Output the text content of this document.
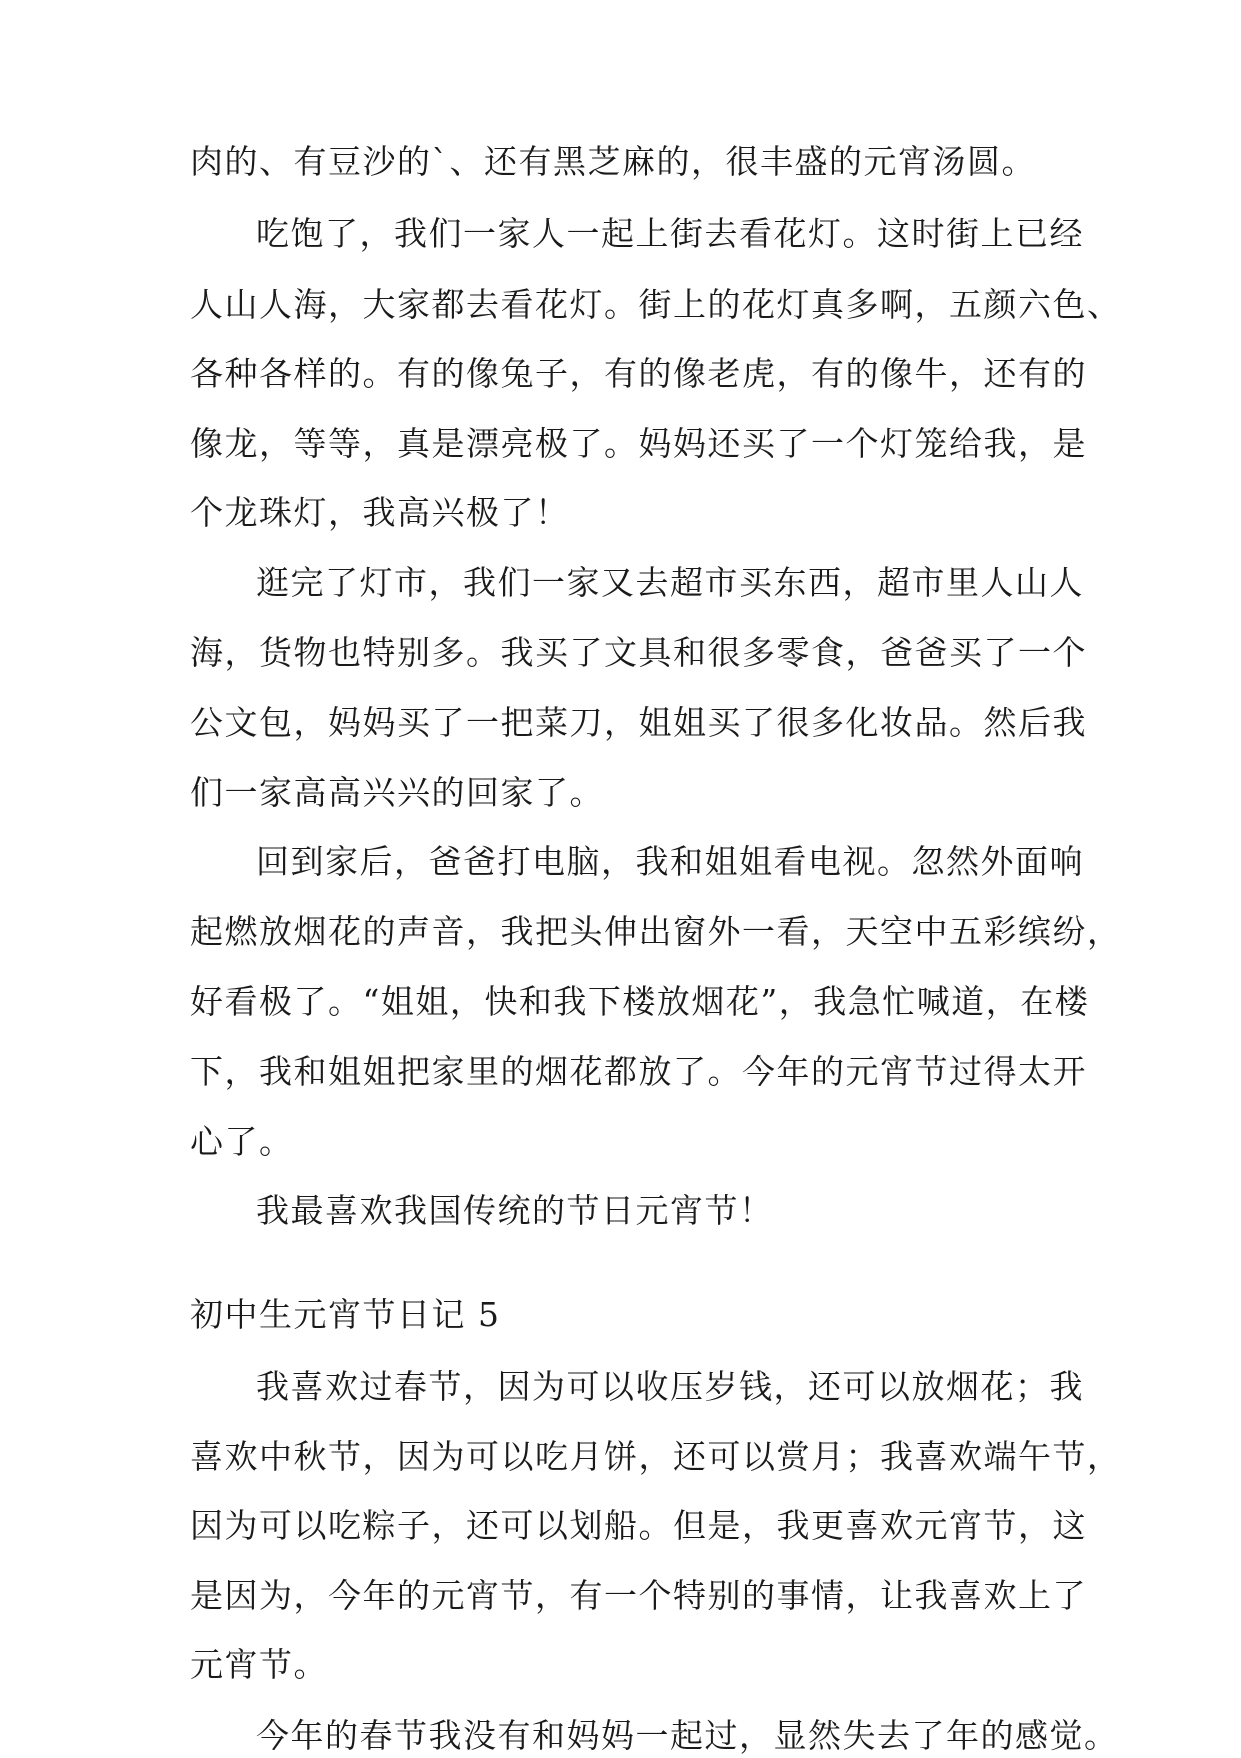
肉的、有豆沙的`、还有黑芝麻的，很丰盛的元宵汤圆。
吃饱了，我们一家人一起上街去看花灯。这时街上已经
人山人海，大家都去看花灯。街上的花灯真多啊，五颜六色、
各种各样的。有的像兔子，有的像老虎，有的像牛，还有的
像龙，等等，真是漂亮极了。妈妈还买了一个灯笼给我，是
个龙珠灯，我高兴极了！
逛完了灯市，我们一家又去超市买东西，超市里人山人
海，货物也特别多。我买了文具和很多零食，爸爸买了一个
公文包，妈妈买了一把菜刀，姐姐买了很多化妆品。然后我
们一家高高兴兴的回家了。
回到家后，爸爸打电脑，我和姐姐看电视。忽然外面响
起燃放烟花的声音，我把头伸出窗外一看，天空中五彩缤纷，
好看极了。“姐姐，快和我下楼放烟花”，我急忙喊道，在楼
下，我和姐姐把家里的烟花都放了。今年的元宵节过得太开
心了。
我最喜欢我国传统的节日元宵节！
初中生元宵节日记 5
我喜欢过春节，因为可以收压岁钱，还可以放烟花；我
喜欢中秋节，因为可以吃月饼，还可以赏月；我喜欢端午节，
因为可以吃粽子，还可以划船。但是，我更喜欢元宵节，这
是因为，今年的元宵节，有一个特别的事情，让我喜欢上了
元宵节。
今年的春节我没有和妈妈一起过，显然失去了年的感觉。
